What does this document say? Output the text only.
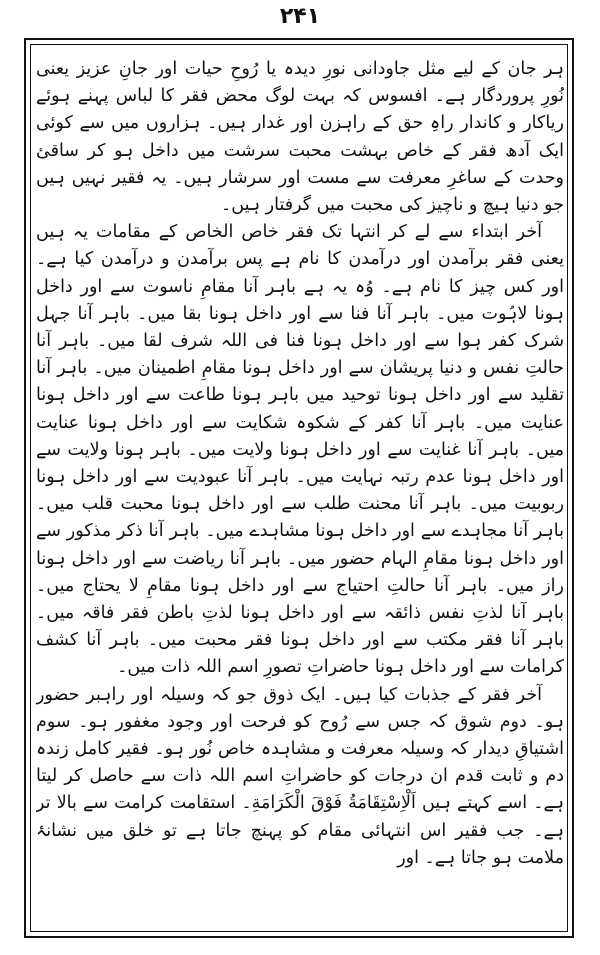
۲۴۱

ہر جان کے لیے مثل جاودانی نورِ دیدہ یا رُوحِ حیات اور جانِ عزیز یعنی نُورِ پروردگار ہے۔ افسوس کہ بہت لوگ محض فقر کا لباس پہنے ہوئے ریاکار و کاندار راہِ حق کے راہزن اور غدار ہیں۔ ہزاروں میں سے کوئی ایک آدھ فقر کے خاص بہشت محبت سرشت میں داخل ہو کر ساقئ وحدت کے ساغرِ معرفت سے مست اور سرشار ہیں۔ یہ فقیر نہیں ہیں جو دنیا ہیچ و ناچیز کی محبت میں گرفتار ہیں۔

آخر ابتداء سے لے کر انتہا تک فقر خاص الخاص کے مقامات یہ ہیں یعنی فقر برآمدن اور درآمدن کا نام ہے پس برآمدن و درآمدن کیا ہے۔ اور کس چیز کا نام ہے۔ وُہ یہ ہے باہر آنا مقامِ ناسوت سے اور داخل ہونا لاہُوت میں۔ باہر آنا فنا سے اور داخل ہونا بقا میں۔ باہر آنا جہل شرک کفر ہوا سے اور داخل ہونا فنا فی اللہ شرف لقا میں۔ باہر آنا حالتِ نفس و دنیا پریشان سے اور داخل ہونا مقامِ اطمینان میں۔ باہر آنا تقلید سے اور داخل ہونا توحید میں باہر ہونا طاعت سے اور داخل ہونا عنایت میں۔ باہر آنا کفر کے شکوہ شکایت سے اور داخل ہونا عنایت میں۔ باہر آنا غنایت سے اور داخل ہونا ولایت میں۔ باہر ہونا ولایت سے اور داخل ہونا عدم رتبہ نہایت میں۔ باہر آنا عبودیت سے اور داخل ہونا ربوبیت میں۔ باہر آنا محنت طلب سے اور داخل ہونا محبت قلب میں۔ باہر آنا مجاہدے سے اور داخل ہونا مشاہدے میں۔ باہر آنا ذکر مذکور سے اور داخل ہونا مقامِ الہام حضور میں۔ باہر آنا ریاضت سے اور داخل ہونا راز میں۔ باہر آنا حالتِ احتیاج سے اور داخل ہونا مقامِ لا یحتاج میں۔ باہر آنا لذتِ نفس ذائقہ سے اور داخل ہونا لذتِ باطن فقر فاقہ میں۔ باہر آنا فقر مکتب سے اور داخل ہونا فقر محبت میں۔ باہر آنا کشف کرامات سے اور داخل ہونا حاضراتِ تصورِ اسم اللہ ذات میں۔

آخر فقر کے جذبات کیا ہیں۔ ایک ذوق جو کہ وسیلہ اور راہبر حضور ہو۔ دوم شوق کہ جس سے رُوح کو فرحت اور وجود مغفور ہو۔ سوم اشتیاقِ دیدار کہ وسیلہ معرفت و مشاہدہ خاص نُور ہو۔ فقیر کامل زندہ دم و ثابت قدم ان درجات کو حاضراتِ اسم اللہ ذات سے حاصل کر لیتا ہے۔ اسے کہتے ہیں اَلْاِسْتِقَامَةُ فَوْقَ الْکَرَامَةِ۔ استقامت کرامت سے بالا تر ہے۔ جب فقیر اس انتہائی مقام کو پہنچ جاتا ہے تو خلق میں نشانۂ ملامت ہو جاتا ہے۔ اور
